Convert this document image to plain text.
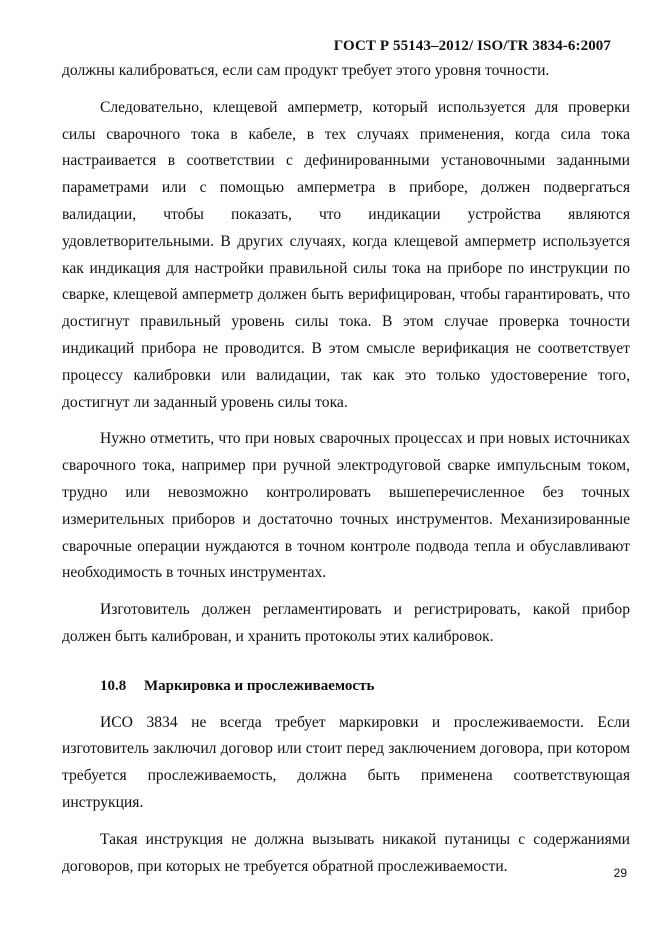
ГОСТ Р 55143–2012/ ISO/TR 3834-6:2007

должны калиброваться, если сам продукт требует этого уровня точности.

Следовательно, клещевой амперметр, который используется для проверки силы сварочного тока в кабеле, в тех случаях применения, когда сила тока настраивается в соответствии с дефинированными установочными заданными параметрами или с помощью амперметра в приборе, должен подвергаться валидации, чтобы показать, что индикации устройства являются удовлетворительными. В других случаях, когда клещевой амперметр используется как индикация для настройки правильной силы тока на приборе по инструкции по сварке, клещевой амперметр должен быть верифицирован, чтобы гарантировать, что достигнут правильный уровень силы тока. В этом случае проверка точности индикаций прибора не проводится. В этом смысле верификация не соответствует процессу калибровки или валидации, так как это только удостоверение того, достигнут ли заданный уровень силы тока.

Нужно отметить, что при новых сварочных процессах и при новых источниках сварочного тока, например при ручной электродуговой сварке импульсным током, трудно или невозможно контролировать вышеперечисленное без точных измерительных приборов и достаточно точных инструментов. Механизированные сварочные операции нуждаются в точном контроле подвода тепла и обуславливают необходимость в точных инструментах.

Изготовитель должен регламентировать и регистрировать, какой прибор должен быть калиброван, и хранить протоколы этих калибровок.

10.8 Маркировка и прослеживаемость

ИСО 3834 не всегда требует маркировки и прослеживаемости. Если изготовитель заключил договор или стоит перед заключением договора, при котором требуется прослеживаемость, должна быть применена соответствующая инструкция.

Такая инструкция не должна вызывать никакой путаницы с содержаниями договоров, при которых не требуется обратной прослеживаемости.	29
